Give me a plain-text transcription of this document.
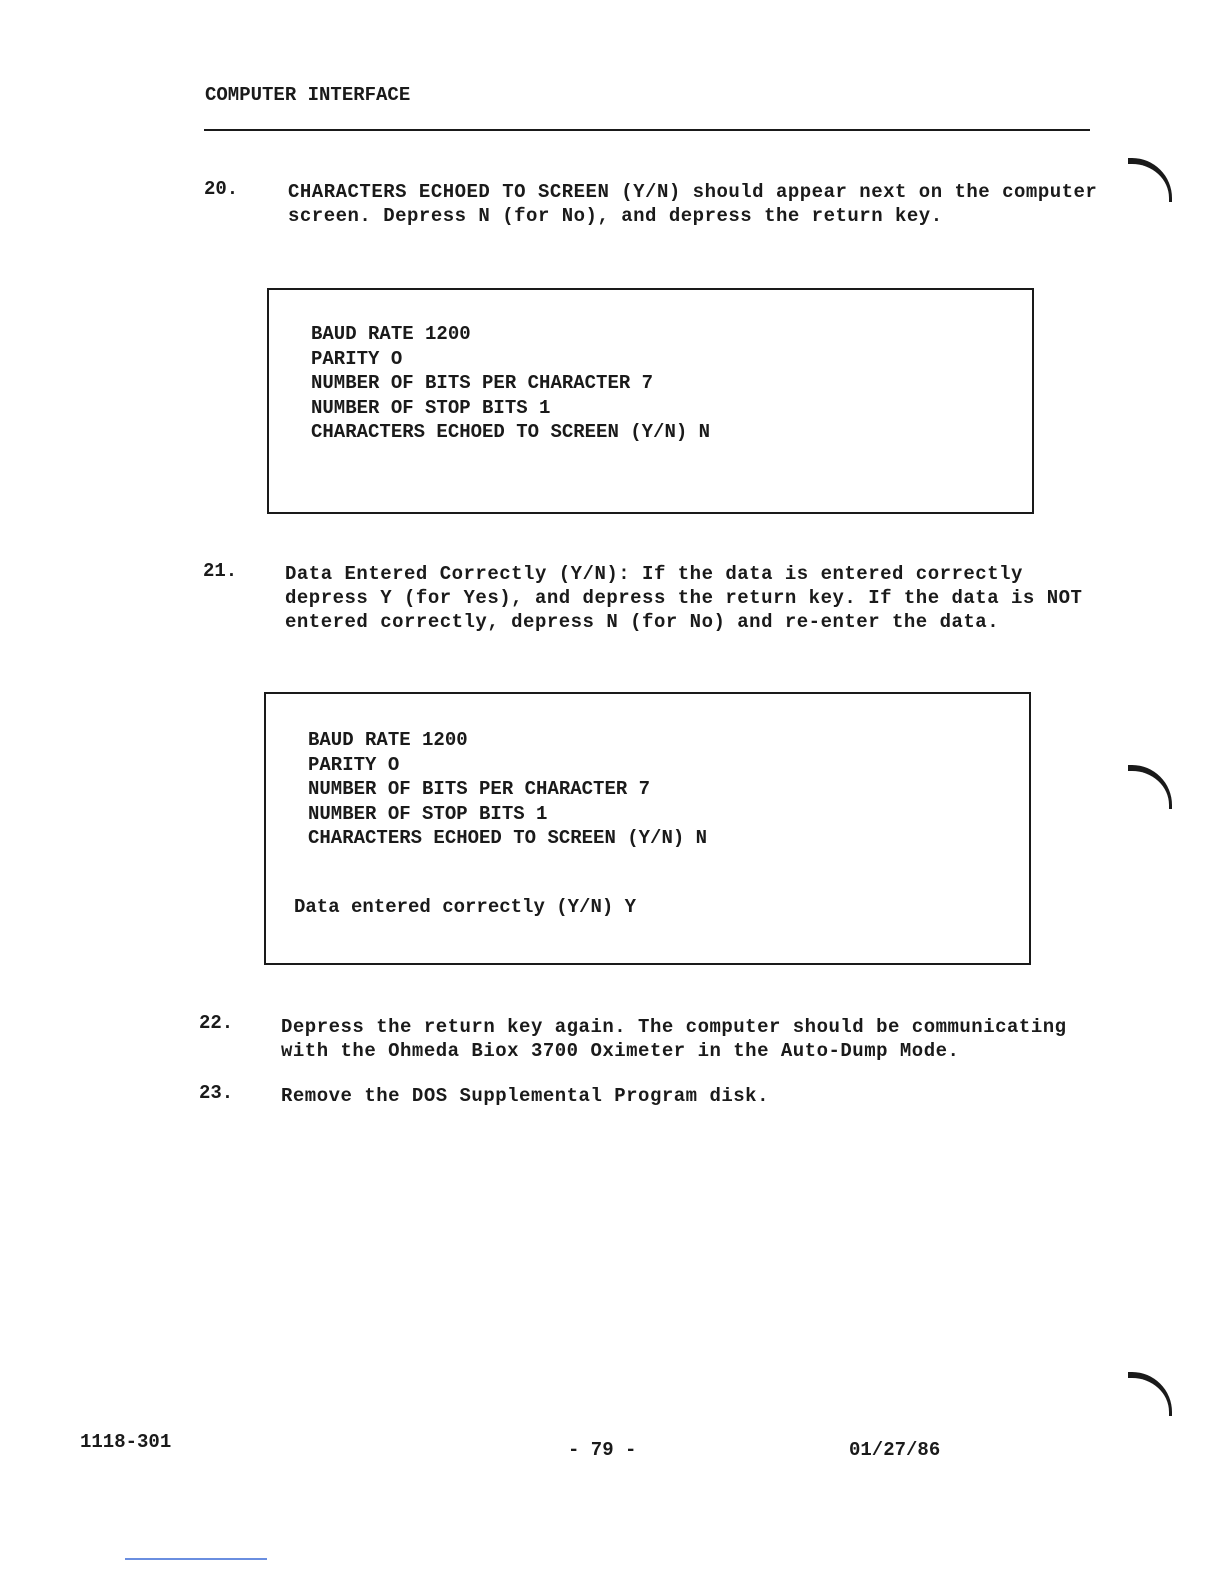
COMPUTER INTERFACE
20.	CHARACTERS ECHOED TO SCREEN (Y/N) should appear next on the computer
screen. Depress N (for No), and depress the return key.
BAUD RATE 1200
PARITY O
NUMBER OF BITS PER CHARACTER 7
NUMBER OF STOP BITS 1
CHARACTERS ECHOED TO SCREEN (Y/N) N
21.	Data Entered Correctly (Y/N): If the data is entered correctly
depress Y (for Yes), and depress the return key. If the data is NOT
entered correctly, depress N (for No) and re-enter the data.
BAUD RATE 1200
PARITY O
NUMBER OF BITS PER CHARACTER 7
NUMBER OF STOP BITS 1
CHARACTERS ECHOED TO SCREEN (Y/N) N
Data entered correctly (Y/N) Y
22.	Depress the return key again. The computer should be communicating
with the Ohmeda Biox 3700 Oximeter in the Auto-Dump Mode.
23.	Remove the DOS Supplemental Program disk.
1118-301	- 79 -	01/27/86
